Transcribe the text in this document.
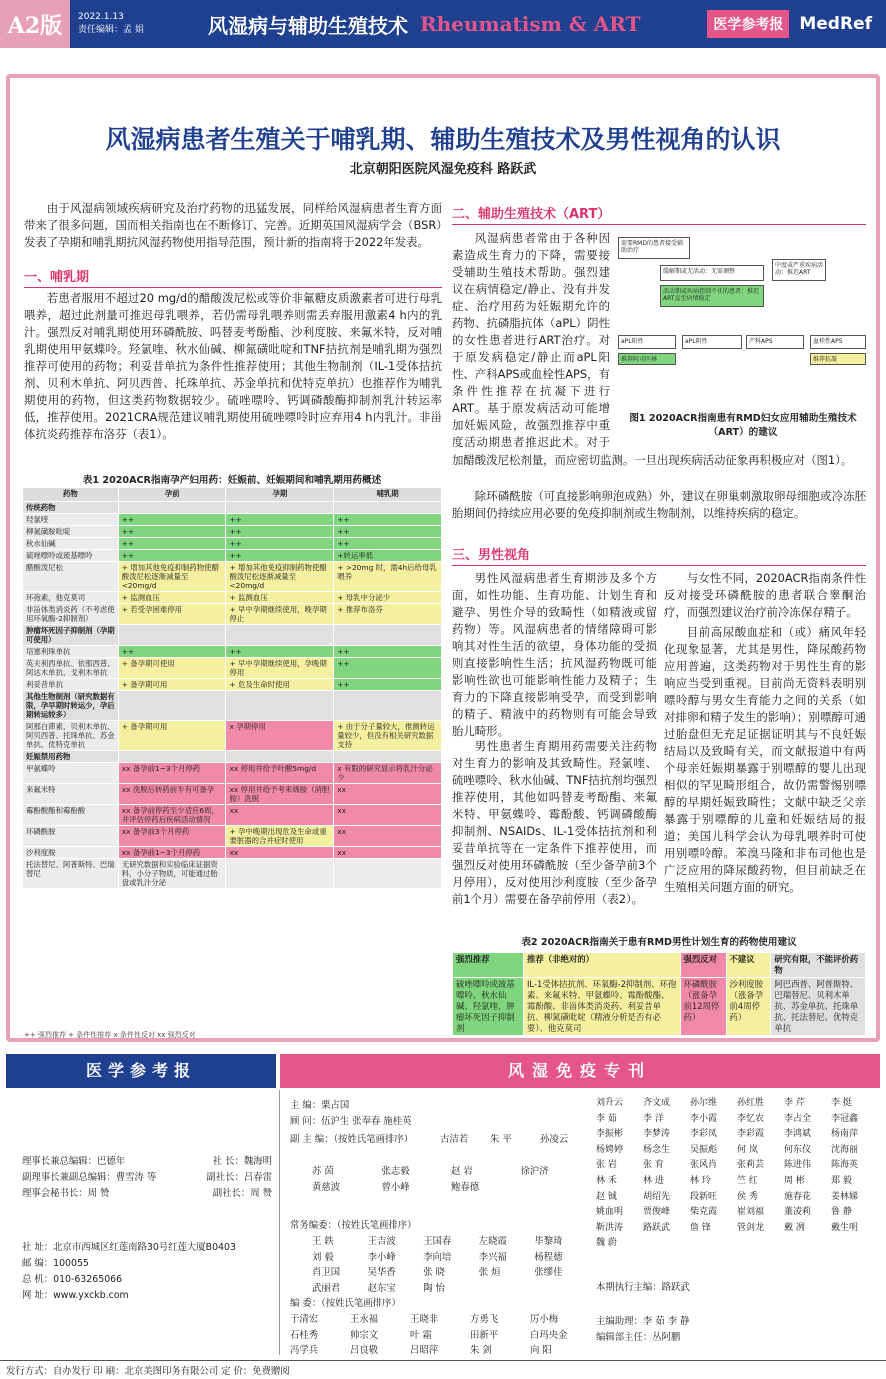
A2版	2022.1.13
责任编辑：孟 娟	风湿病与辅助生殖技术 Rheumatism & ART	医学参考报 MedRef
风湿病患者生殖关于哺乳期、辅助生殖技术及男性视角的认识
北京朝阳医院风湿免疫科 路跃武
由于风湿病领域疾病研究及治疗药物的迅猛发展，同样给风湿病患者生育方面带来了很多问题，国而相关指南也在不断修订、完善。近期英国风湿病学会（BSR）发表了孕期和哺乳期抗风湿药物使用指导范围，预计新的指南将于2022年发表。
一、哺乳期
若患者服用不超过20 mg/d的醋酸泼尼松或等价非氟糖皮质激素者可进行母乳喂养，超过此剂量可推迟母乳喂养，若仍需母乳喂养则需丢弃服用激素4 h内的乳汁。强烈反对哺乳期使用环磷酰胺、吗替麦考酚酯、沙利度胺、来氟米特，反对哺乳期使用甲氨蝶呤。羟氯喹、秋水仙碱、柳氮磺吡啶和TNF拮抗剂是哺乳期为强烈推荐可使用的药物；利妥昔单抗为条件性推荐使用；其他生物制剂（IL-1受体拮抗剂、贝利木单抗、阿贝西普、托珠单抗、苏金单抗和优特克单抗）也推荐作为哺乳期使用的药物，但这类药物数据较少。硫唑嘌呤、钙调磷酸酶抑制剂乳汁转运率低，推荐使用。2021CRA规范建议哺乳期使用硫唑嘌呤时应弃用4 h内乳汁。非甾体抗炎药推荐布洛芬（表1）。
表1 2020ACR指南孕产妇用药：妊娠前、妊娠期间和哺乳期用药概述
药物	孕前	孕期	哺乳期
传统药物			
羟氯喹	++	++	++
柳氮磺胺吡啶	++	++	++
秋水仙碱	++	++	++
硫唑嘌呤或巯基嘌呤	++	++	+转运率低
醋酸泼尼松	+ 增加其他免疫抑制药物使醋酸泼尼松逐渐减量至<20mg/d	+ 增加其他免疫抑制药物使醋酸泼尼松逐渐减量至<20mg/d	+ >20mg 时，需4h后给母乳喂养
环孢素，他克莫司	+ 监测血压	+ 监测血压	+ 母乳中分泌少
非甾体类消炎药（不考虑使用环氧酶-2抑制剂）	+ 若受孕困难停用	+ 早中孕期继续使用，晚孕期停止	+ 推荐布洛芬
肿瘤坏死因子抑制剂（孕期可使用）			
培塞利珠单抗	++	++	++
英夫利西单抗、依那西普、阿达木单抗、戈利木单抗	+ 备孕期可使用	+ 早中孕期继续使用，孕晚期停用	++
利妥昔单抗	+ 备孕期可用	+ 危及生命时使用	++
其他生物制剂（研究数据有限，孕早期时转运少，孕后期转运较多）			
阿那白滞素、贝利木单抗、阿贝西普、托珠单抗、苏金单抗、优特克单抗	+ 备孕期可用	x 孕期停用	+ 由于分子量较大，推测转运量较少，但没有相关研究数据支持
妊娠禁用药物			
甲氨蝶呤	xx 备孕前1~3个月停药	xx 停用并给予叶酸5mg/d	x 有限的研究显示将乳汁分泌少
来氟米特	xx 洗脱后转药前半有可备孕	xx 停用并给予考来烯胺（消胆胺）洗脱	xx
霉酚酸酯和霉酚酸	xx 备孕前停药至少适应6周，并评估停药后疾病活动情况	xx	xx
环磷酰胺	xx 备孕前3个月停药	+ 孕中晚期出现危及生命或重要脏器的合并症时使用	xx
沙利度胺	xx 备孕前1~3个月停药	xx	xx
托法替尼、阿普斯特、巴瑞替尼	无研究数据和实验临床证据资料，小分子物质，可能通过胎盘或乳汁分泌		
++ 强烈推荐 + 条件性推荐 x 条件性反对 xx 强烈反对
二、辅助生殖技术（ART）
风湿病患者常由于各种因素造成生育力的下降，需要接受辅助生殖技术帮助。强烈建议在病情稳定/静止、没有并发症、治疗用药为妊娠期允许的药物、抗磷脂抗体（aPL）阴性的女性患者进行ART治疗。对于原发病稳定/静止而aPL阳性、产科APS或血栓性APS，有条件性推荐在抗凝下进行ART。基于原发病活动可能增加妊娠风险，故强烈推荐中重度活动期患者推迟此术。对于
加醋酸泼尼松剂量，而应密切监测。一旦出现疾病活动征象再积极应对（图1）。
除环磷酰胺（可直接影响卵泡成熟）外，建议在卵巢刺激取卵母细胞或冷冻胚胎期间仍持续应用必要的免疫抑制剂或生物制剂，以维持疾病的稳定。
需要RMD的患者接受辅助治疗
缓解期或无活动：无需调整
活动期或疾病控制不佳的患者：推迟ART直至病情稳定
中度或严重疾病活动：推迟ART
aPL阳性	aPL阴性
推荐阿司匹林
产科APS	血栓性APS
推荐抗凝
图1 2020ACR指南患有RMD妇女应用辅助生殖技术（ART）的建议
三、男性视角
男性风湿病患者生育期涉及多个方面，如性功能、生育功能、计划生育和避孕、男性介导的致畸性（如精液或留药物）等。风湿病患者的情绪障碍可影响其对性生活的欲望，身体功能的受损则直接影响性生活；抗风湿药物既可能影响性欲也可能影响性能力及精子；生育力的下降直接影响受孕，而受到影响的精子、精液中的药物则有可能会导致胎儿畸形。
男性患者生育期用药需要关注药物对生育力的影响及其致畸性。羟氯喹、硫唑嘌呤、秋水仙碱、TNF拮抗剂均强烈推荐使用，其他如吗替麦考酚酯、来氟米特、甲氨蝶呤、霉酚酸、钙调磷酸酶抑制剂、NSAIDs、IL-1受体拮抗剂和利妥昔单抗等在一定条件下推荐使用，而强烈反对使用环磷酰胺（至少备孕前3个月停用），反对使用沙利度胺（至少备孕前1个月）需要在备孕前停用（表2）。
与女性不同，2020ACR指南条件性反对接受环磷酰胺的患者联合睾酮治疗，而强烈建议治疗前冷冻保存精子。
目前高尿酸血症和（或）痛风年轻化现象显著，尤其是男性，降尿酸药物应用普遍，这类药物对于男性生育的影响应当受到重视。目前尚无资料表明别嘌呤醇与男女生育能力之间的关系（如对排卵和精子发生的影响）；别嘌醇可通过胎盘但无充足证据证明其与不良妊娠结局以及致畸有关，而文献报道中有两个母亲妊娠期暴露于别嘌醇的婴儿出现相似的罕见畸形组合，故仍需警惕别嘌醇的早期妊娠致畸性；文献中缺乏父亲暴露于别嘌醇的儿童和妊娠结局的报道；美国儿科学会认为母乳喂养时可使用别嘌呤醇。苯溴马隆和非布司他也是广泛应用的降尿酸药物，但目前缺乏在生殖相关问题方面的研究。
表2 2020ACR指南关于患有RMD男性计划生育的药物使用建议
强烈推荐	推荐（非绝对的）	强烈反对	不建议	研究有限，不能评价药物
硫唑嘌呤或巯基嘌呤、秋水仙碱、羟氯喹、肿瘤坏死因子抑制剂	IL-1受体拮抗剂、环氧酶-2抑制剂、环孢素、来氟米特、甲氨蝶呤、霉酚酸酯、霉酚酸、非甾体类消炎药、利妥昔单抗、柳氮磺吡啶（精液分析是否有必要）、他克莫司	环磷酰胺（涨备孕前12周停药）	沙利度胺（涨备孕前4周停药）	阿巴西普、阿普斯特、巴瑞替尼、贝利木单抗、苏金单抗、托珠单抗、托法替尼、优特克单抗
医学参考报	风湿免疫专刊
理事长兼总编辑：巴德年	社 长：魏海明
副理事长兼副总编辑：曹雪涛 等	副社长：吕春雷
理事会秘书长：周 赞	副社长：周 赞
社 址：北京市西城区红莲南路30号红莲大厦B0403
邮 编：100055
总 机：010-63265066
网 址：www.yxckb.com
主 编：栗占国
顾 问：伍沪生 张奉春 施桂英
副 主 编：（按姓氏笔画排序）	古洁若	朱 平	孙凌云
苏 茵	张志毅	赵 岩	徐沪济
黄慈波	曾小峰	鲍春德
常务编委：（按姓氏笔画排序）
王 轶	王吉波	王国春	左晓霞	毕黎琦
刘 毅	李小峰	李向培	李兴福	杨程德
肖卫国	吴华香	张 晓	张 烜	张缪佳
武丽君	赵东宝	陶 怡
编 委：（按姓氏笔画排序）
于清宏	王永福	王晓非	方勇飞	厉小梅
石桂秀	帅宗文	叶 霜	田新平	白玛央金
冯学兵	吕良敬	吕昭萍	朱 剑	向 阳
刘升云	齐文成	孙尔维	孙红胜	李 芹	李 挺
李 茹	李 洋	李小霞	李忆农	李占全	李冠鑫
李振彬	李梦涛	李彩凤	李彩霞	李鸿斌	杨南萍
杨娉婷	杨念生	吴振彪	何 岚	何东仪	沈海丽
张 岩	张 育	张风肖	张莉芸	陈进伟	陈海英
林 禾	林 进	林 玲	竺 红	周 彬	郑 毅
赵 铖	胡绍先	段新旺	侯 秀	施春花	姜林娣
姚血明	贾俊峰	柴克霞	崔刘福	董凌莉	鲁 静
靳洪涛	路跃武	詹 锋	管剑龙	戴 冽	戴生明
魏 蔚
本期执行主编：路跃武
主编助理：李 茹 李 静
编辑部主任：丛阿鹏
发行方式：自办发行 印 刷：北京美图印务有限公司 定 价：免费赠阅
